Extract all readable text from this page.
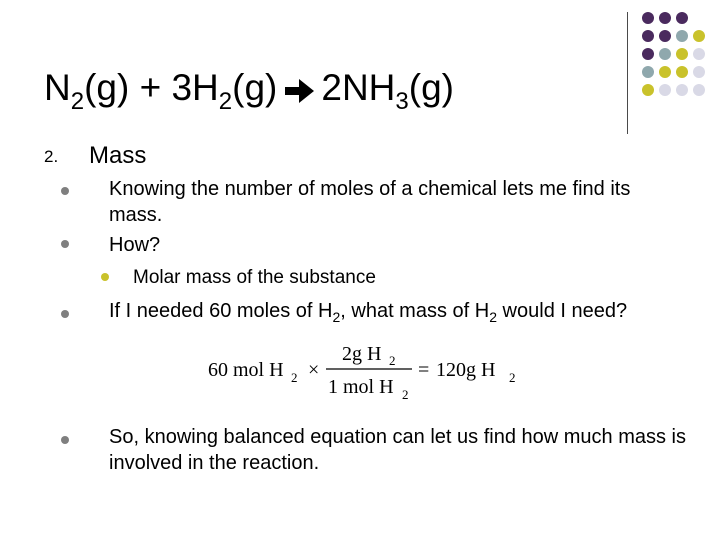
$N_2(g) + 3H_2(g)$ $2NH_3(g)$
2. Mass
Knowing the number of moles of a chemical lets me find its mass.
How?
Molar mass of the substance
If I needed 60 moles of $H_2$, what mass of $H_2$ would I need?
60 mol H 2 ×
2g H 2
1 mol H 2
= 120g H 2
So, knowing balanced equation can let us find how much mass is involved in the reaction.
